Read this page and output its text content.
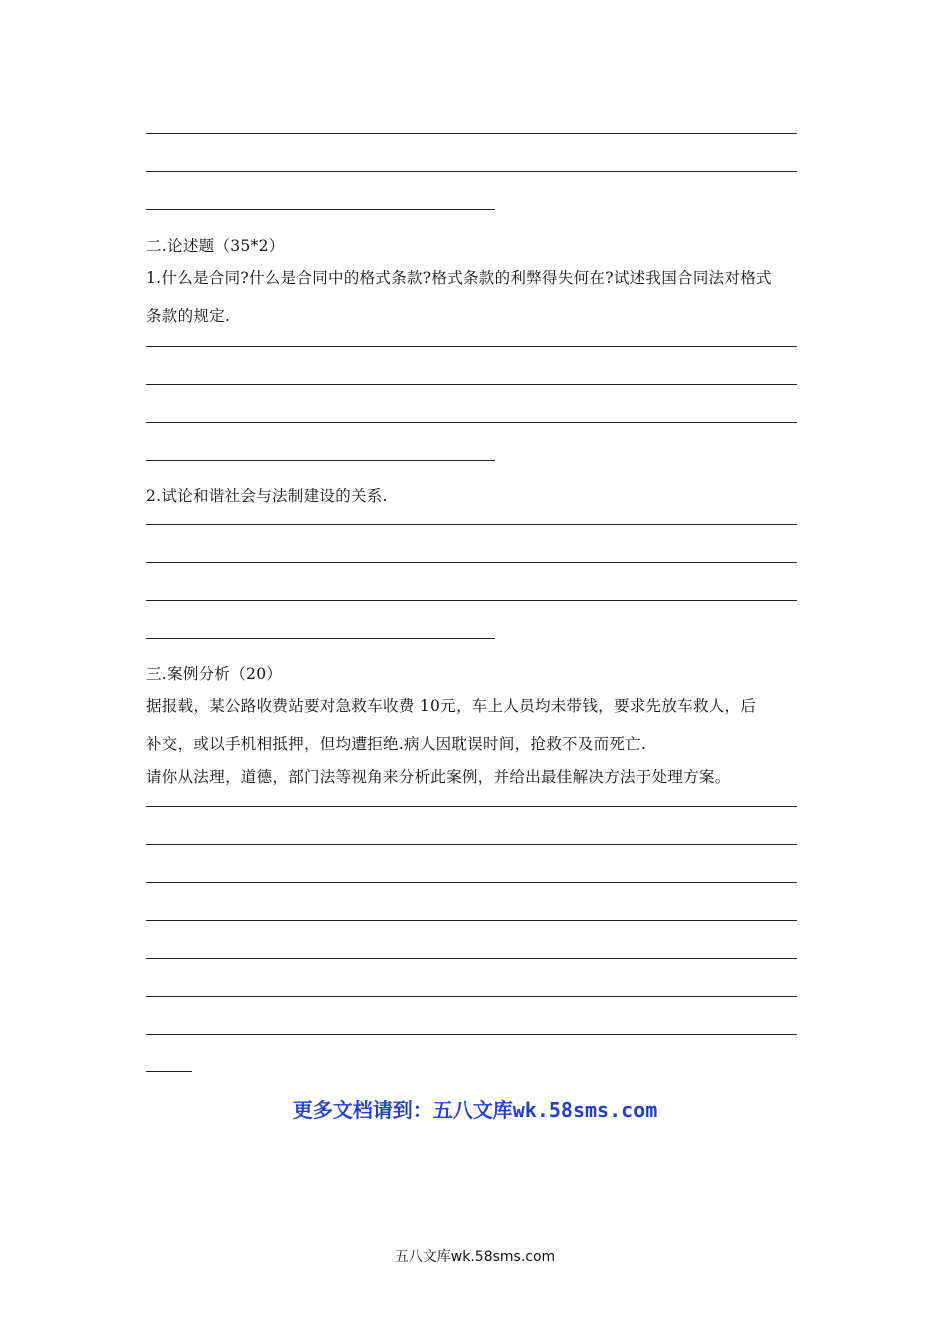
二.论述题（35*2）
1.什么是合同?什么是合同中的格式条款?格式条款的利弊得失何在?试述我国合同法对格式
条款的规定.
2.试论和谐社会与法制建设的关系.
三.案例分析（20）
据报载，某公路收费站要对急救车收费 10元，车上人员均未带钱，要求先放车救人，后
补交，或以手机相抵押，但均遭拒绝.病人因耽误时间，抢救不及而死亡.
请你从法理，道德，部门法等视角来分析此案例，并给出最佳解决方法于处理方案。
更多文档请到：五八文库wk.58sms.com
五八文库wk.58sms.com
